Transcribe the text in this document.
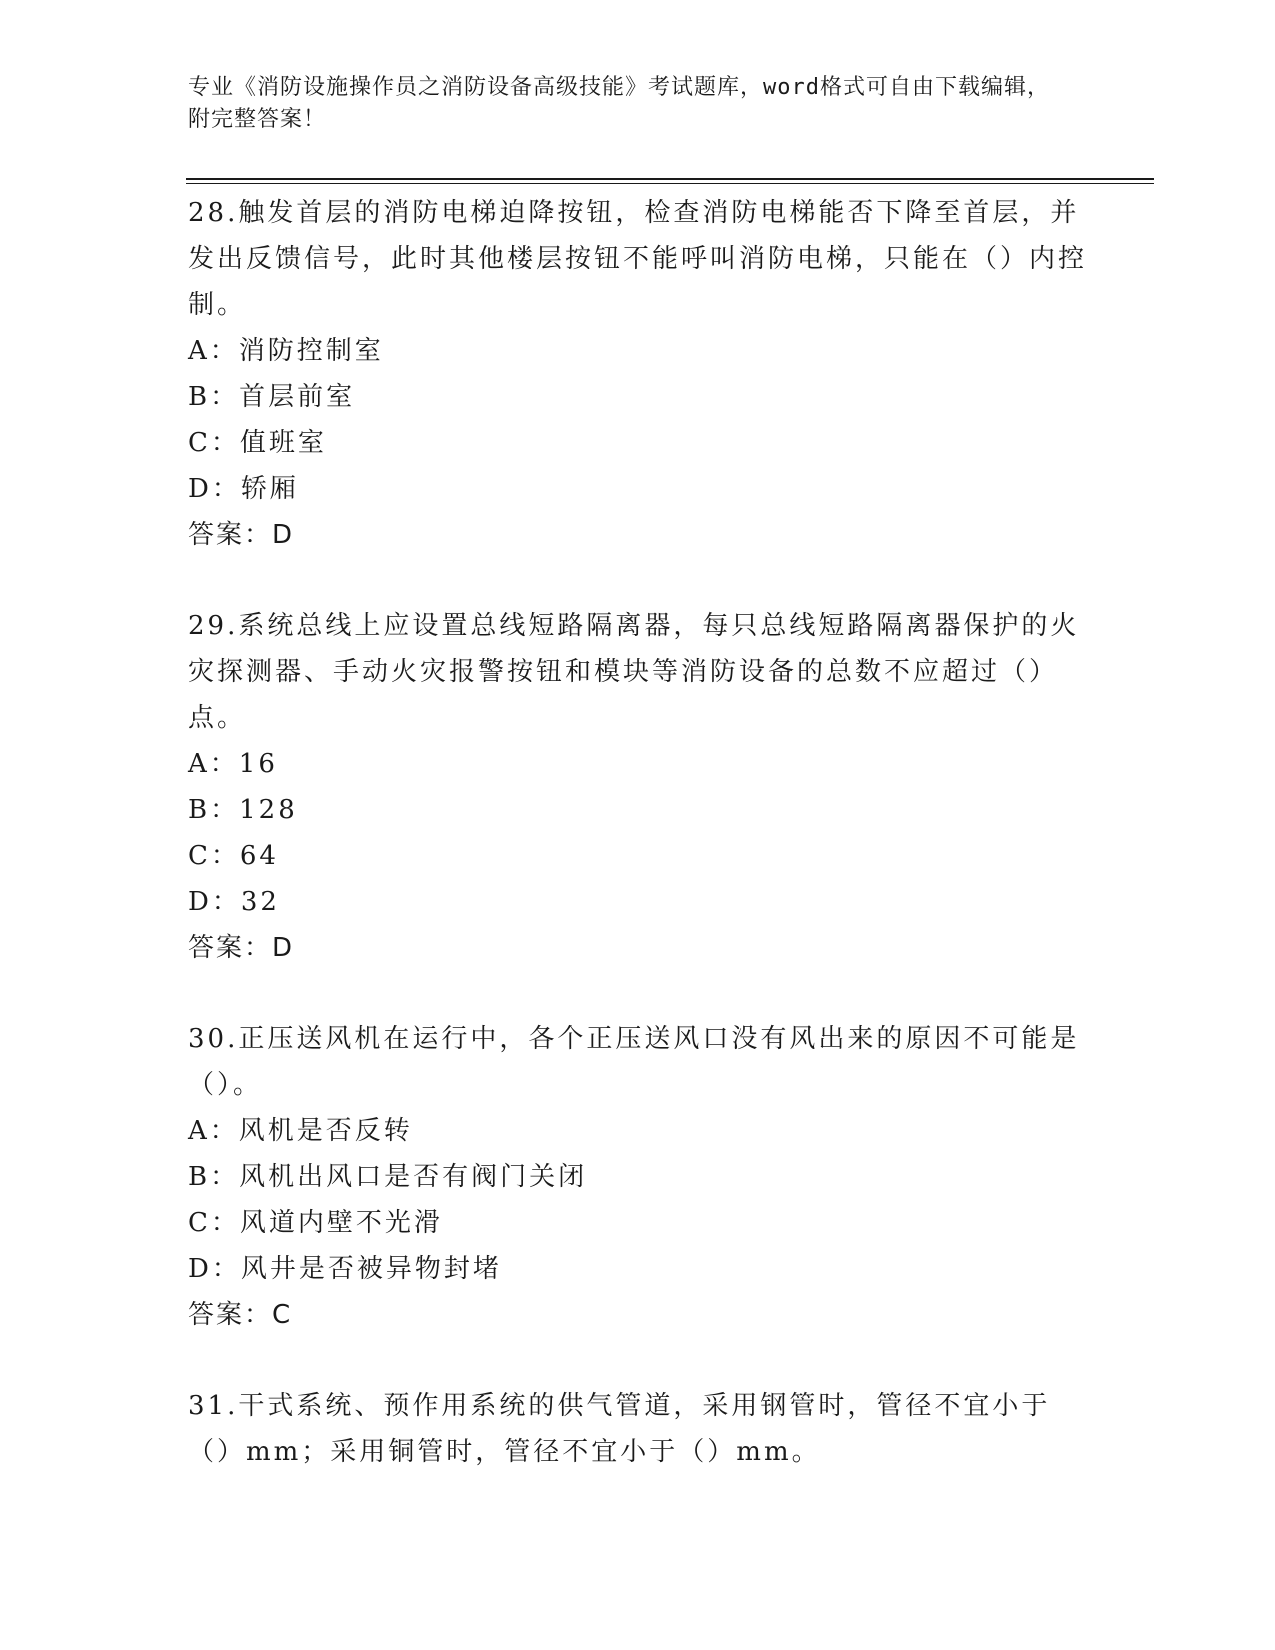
专业《消防设施操作员之消防设备高级技能》考试题库，word格式可自由下载编辑，附完整答案！

28.触发首层的消防电梯迫降按钮，检查消防电梯能否下降至首层，并发出反馈信号，此时其他楼层按钮不能呼叫消防电梯，只能在（）内控制。

A：消防控制室

B：首层前室

C：值班室

D：轿厢

答案：D

29.系统总线上应设置总线短路隔离器，每只总线短路隔离器保护的火灾探测器、手动火灾报警按钮和模块等消防设备的总数不应超过（）点。

A：16

B：128

C：64

D：32

答案：D

30.正压送风机在运行中，各个正压送风口没有风出来的原因不可能是（）。

A：风机是否反转

B：风机出风口是否有阀门关闭

C：风道内壁不光滑

D：风井是否被异物封堵

答案：C

31.干式系统、预作用系统的供气管道，采用钢管时，管径不宜小于（）mm；采用铜管时，管径不宜小于（）mm。
